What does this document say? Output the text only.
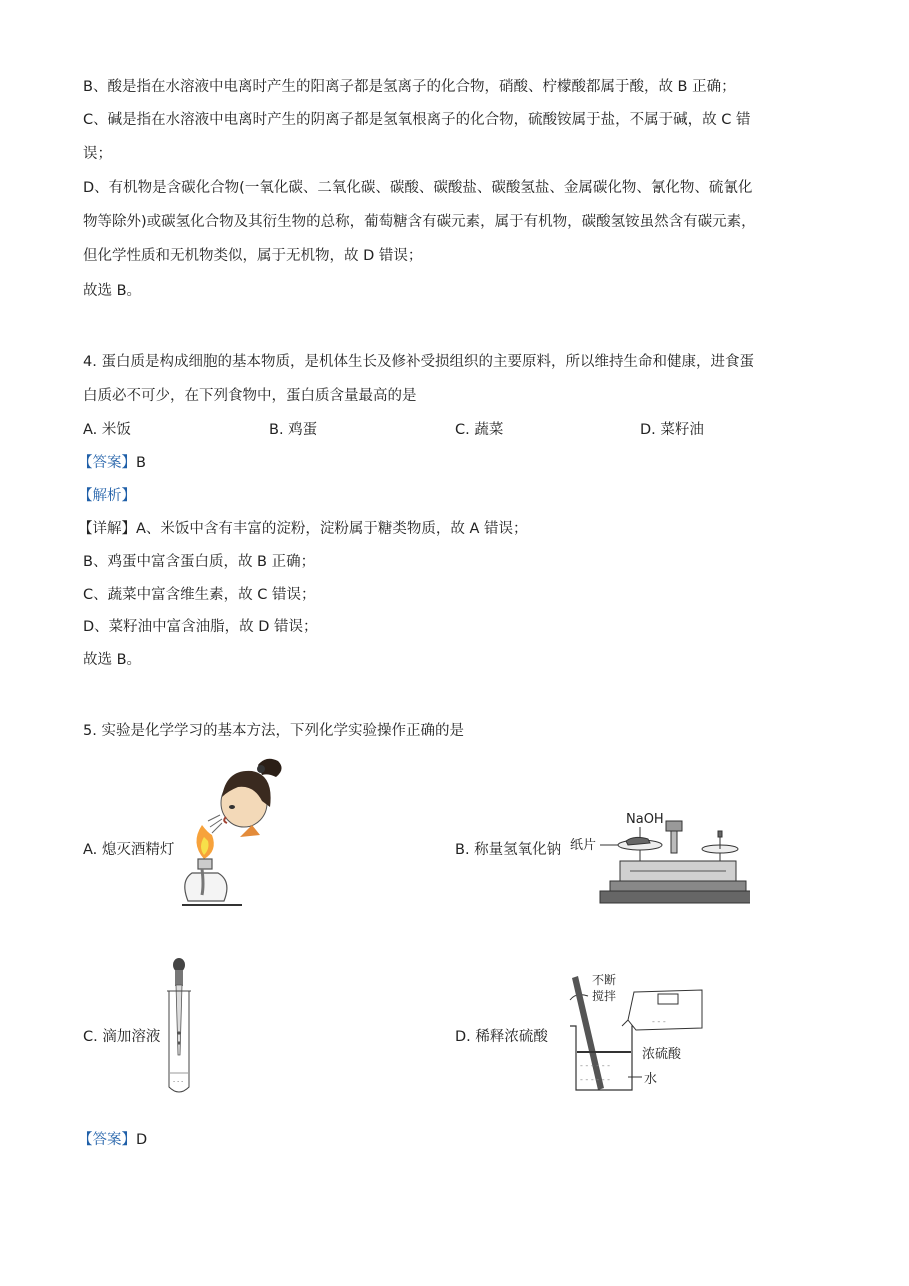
B、酸是指在水溶液中电离时产生的阳离子都是氢离子的化合物，硝酸、柠檬酸都属于酸，故 B 正确；
C、碱是指在水溶液中电离时产生的阴离子都是氢氧根离子的化合物，硫酸铵属于盐，不属于碱，故 C 错
误；
D、有机物是含碳化合物(一氧化碳、二氧化碳、碳酸、碳酸盐、碳酸氢盐、金属碳化物、氰化物、硫氰化
物等除外)或碳氢化合物及其衍生物的总称，葡萄糖含有碳元素，属于有机物，碳酸氢铵虽然含有碳元素，
但化学性质和无机物类似，属于无机物，故 D 错误；
故选 B。
4. 蛋白质是构成细胞的基本物质，是机体生长及修补受损组织的主要原料，所以维持生命和健康，进食蛋
白质必不可少，在下列食物中，蛋白质含量最高的是
A. 米饭	B. 鸡蛋	C. 蔬菜	D. 菜籽油
【答案】B
【解析】
【详解】A、米饭中含有丰富的淀粉，淀粉属于糖类物质，故 A 错误；
B、鸡蛋中富含蛋白质，故 B 正确；
C、蔬菜中富含维生素，故 C 错误；
D、菜籽油中富含油脂，故 D 错误；
故选 B。
5. 实验是化学学习的基本方法，下列化学实验操作正确的是
A. 熄灭酒精灯	B. 称量氢氧化钠
NaOH
纸片
C. 滴加溶液
- - -
D. 稀释浓硫酸
不断
搅拌
- - - - - -
- - - - - -
- - -
浓硫酸
水
【答案】D
